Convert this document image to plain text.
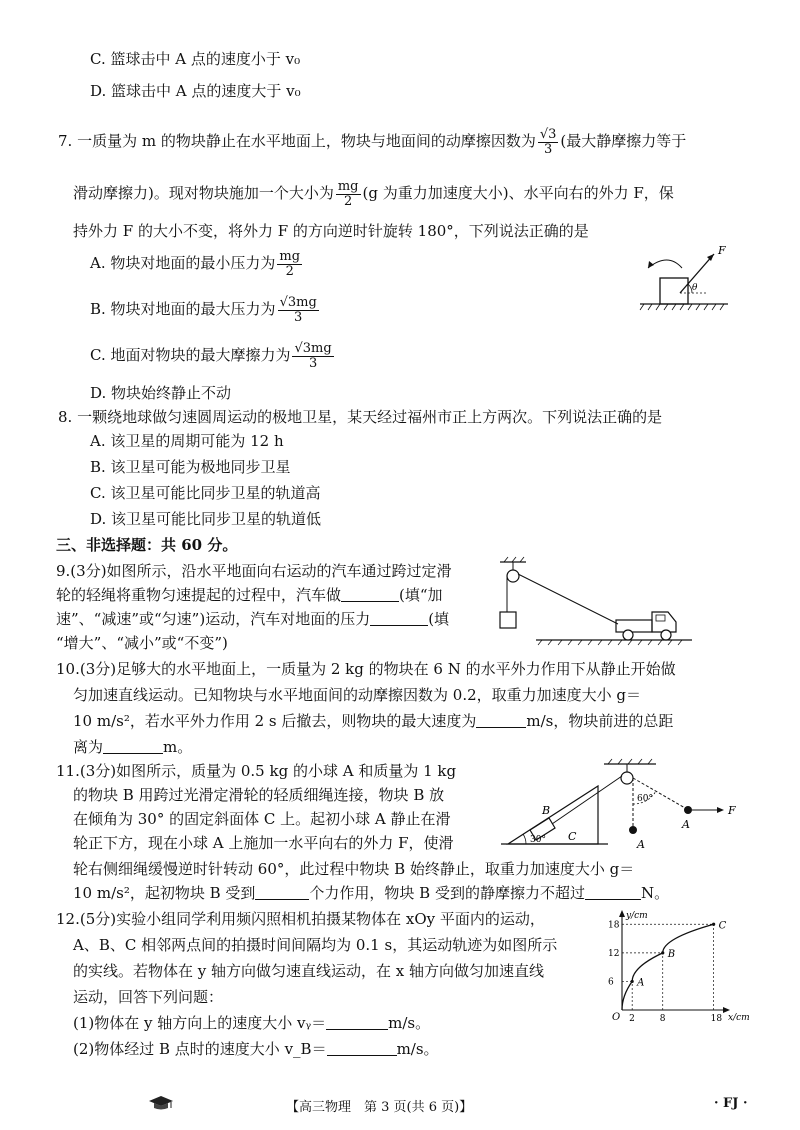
C. 篮球击中 A 点的速度小于 v₀
D. 篮球击中 A 点的速度大于 v₀
7. 一质量为 m 的物块静止在水平地面上，物块与地面间的动摩擦因数为 $\frac{√3}{3}$ (最大静摩擦力等于
滑动摩擦力)。现对物块施加一个大小为 $\frac{mg}{2} (g$ 为重力加速度大小)、水平向右的外力 F，保
持外力 F 的大小不变，将外力 F 的方向逆时针旋转 180°，下列说法正确的是
A. 物块对地面的最小压力为 $\frac{mg}{2}$
B. 物块对地面的最大压力为 $\frac{√3mg}{3}$
C. 地面对物块的最大摩擦力为 $\frac{√3mg}{3}$
D. 物块始终静止不动
F
θ
8. 一颗绕地球做匀速圆周运动的极地卫星，某天经过福州市正上方两次。下列说法正确的是
A. 该卫星的周期可能为 12 h
B. 该卫星可能为极地同步卫星
C. 该卫星可能比同步卫星的轨道高
D. 该卫星可能比同步卫星的轨道低
三、非选择题：共 60 分。
9.(3分)如图所示，沿水平地面向右运动的汽车通过跨过定滑
轮的轻绳将重物匀速提起的过程中，汽车做	(填“加
速”、“减速”或“匀速”)运动，汽车对地面的压力	(填
“增大”、“减小”或“不变”)
10.(3分)足够大的水平地面上，一质量为 2 kg 的物块在 6 N 的水平外力作用下从静止开始做
匀加速直线运动。已知物块与水平地面间的动摩擦因数为 0.2，取重力加速度大小 g＝
10 m/s²，若水平外力作用 2 s 后撤去，则物块的最大速度为	m/s，物块前进的总距
离为	m。
11.(3分)如图所示，质量为 0.5 kg 的小球 A 和质量为 1 kg
的物块 B 用跨过光滑定滑轮的轻质细绳连接，物块 B 放
在倾角为 30° 的固定斜面体 C 上。起初小球 A 静止在滑
轮正下方，现在小球 A 上施加一水平向右的外力 F，使滑
轮右侧细绳缓慢逆时针转动 60°，此过程中物块 B 始终静止，取重力加速度大小 g＝
10 m/s²，起初物块 B 受到	个力作用，物块 B 受到的静摩擦力不超过	N。
B
C
30°
60°
A
A
F
12.(5分)实验小组同学利用频闪照相机拍摄某物体在 xOy 平面内的运动，
A、B、C 相邻两点间的拍摄时间间隔均为 0.1 s，其运动轨迹为如图所示
的实线。若物体在 y 轴方向做匀速直线运动，在 x 轴方向做匀加速直线
运动，回答下列问题：
(1)物体在 y 轴方向上的速度大小 vᵧ＝	m/s。
(2)物体经过 B 点时的速度大小 v_B＝	m/s。
x/cm
y/cm
O 2	8	18
6
12
18
A
B
C
【高三物理　第 3 页(共 6 页)】	· FJ ·
